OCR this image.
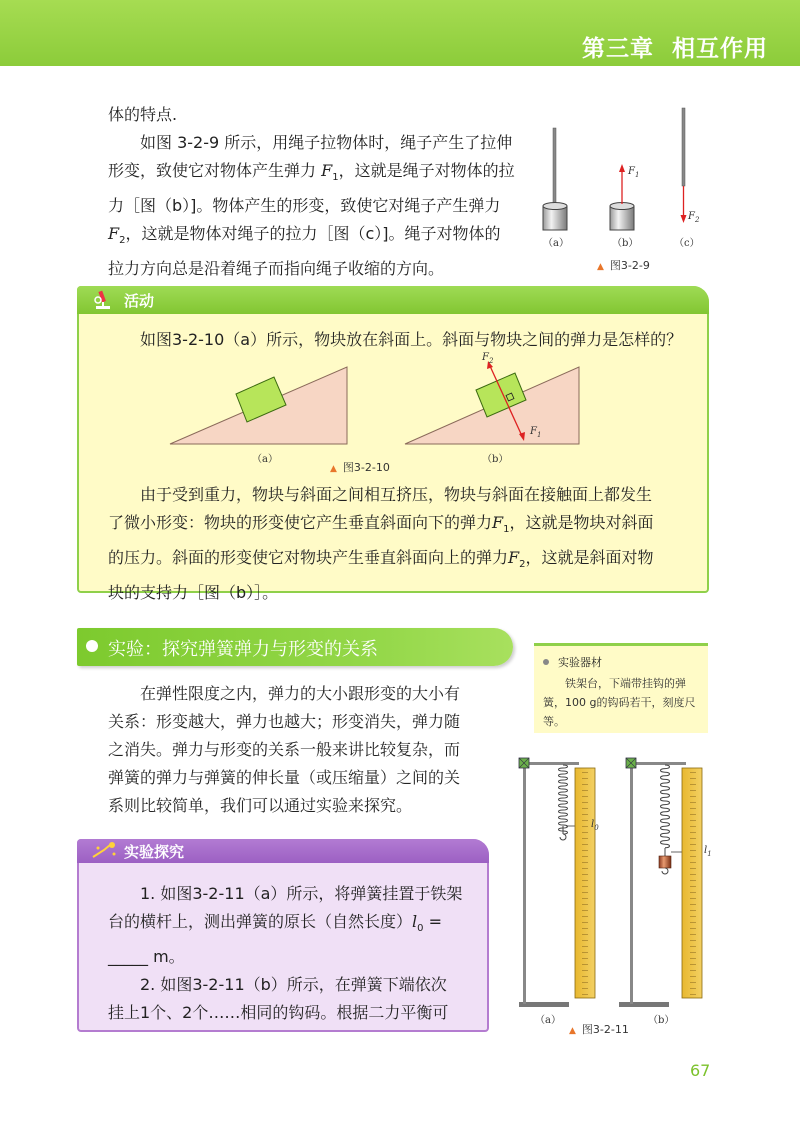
第三章 相互作用
体的特点.
如图 3-2-9 所示，用绳子拉物体时，绳子产生了拉伸
形变，致使它对物体产生弹力 $F_1$，这就是绳子对物体的拉
力［图（b）]。物体产生的形变，致使它对绳子产生弹力
$F_2$，这就是物体对绳子的拉力［图（c）]。绳子对物体的
拉力方向总是沿着绳子而指向绳子收缩的方向。
$F_1$
$F_2$
（a）	（b）	（c）
▲ 图3-2-9
活动
如图3-2-10（a）所示，物块放在斜面上。斜面与物块之间的弹力是怎样的？
$F_2$
$F_1$
（a）	（b）
▲ 图3-2-10
由于受到重力，物块与斜面之间相互挤压，物块与斜面在接触面上都发生
了微小形变：物块的形变使它产生垂直斜面向下的弹力$F_1$，这就是物块对斜面
的压力。斜面的形变使它对物块产生垂直斜面向上的弹力$F_2$，这就是斜面对物
块的支持力［图（b）］。
实验：探究弹簧弹力与形变的关系
实验器材
铁架台，下端带挂钩的弹簧，100 g的钩码若干，刻度尺等。
在弹性限度之内，弹力的大小跟形变的大小有
关系：形变越大，弹力也越大；形变消失，弹力随
之消失。弹力与形变的关系一般来讲比较复杂，而
弹簧的弹力与弹簧的伸长量（或压缩量）之间的关
系则比较简单，我们可以通过实验来探究。
实验探究
1. 如图3-2-11（a）所示，将弹簧挂置于铁架
台的横杆上，测出弹簧的原长（自然长度）$l_0$ =
_____ m。
2. 如图3-2-11（b）所示，在弹簧下端依次
挂上1个、2个……相同的钩码。根据二力平衡可
$l_0$
$l_1$
（a）	（b）
▲ 图3-2-11
67
